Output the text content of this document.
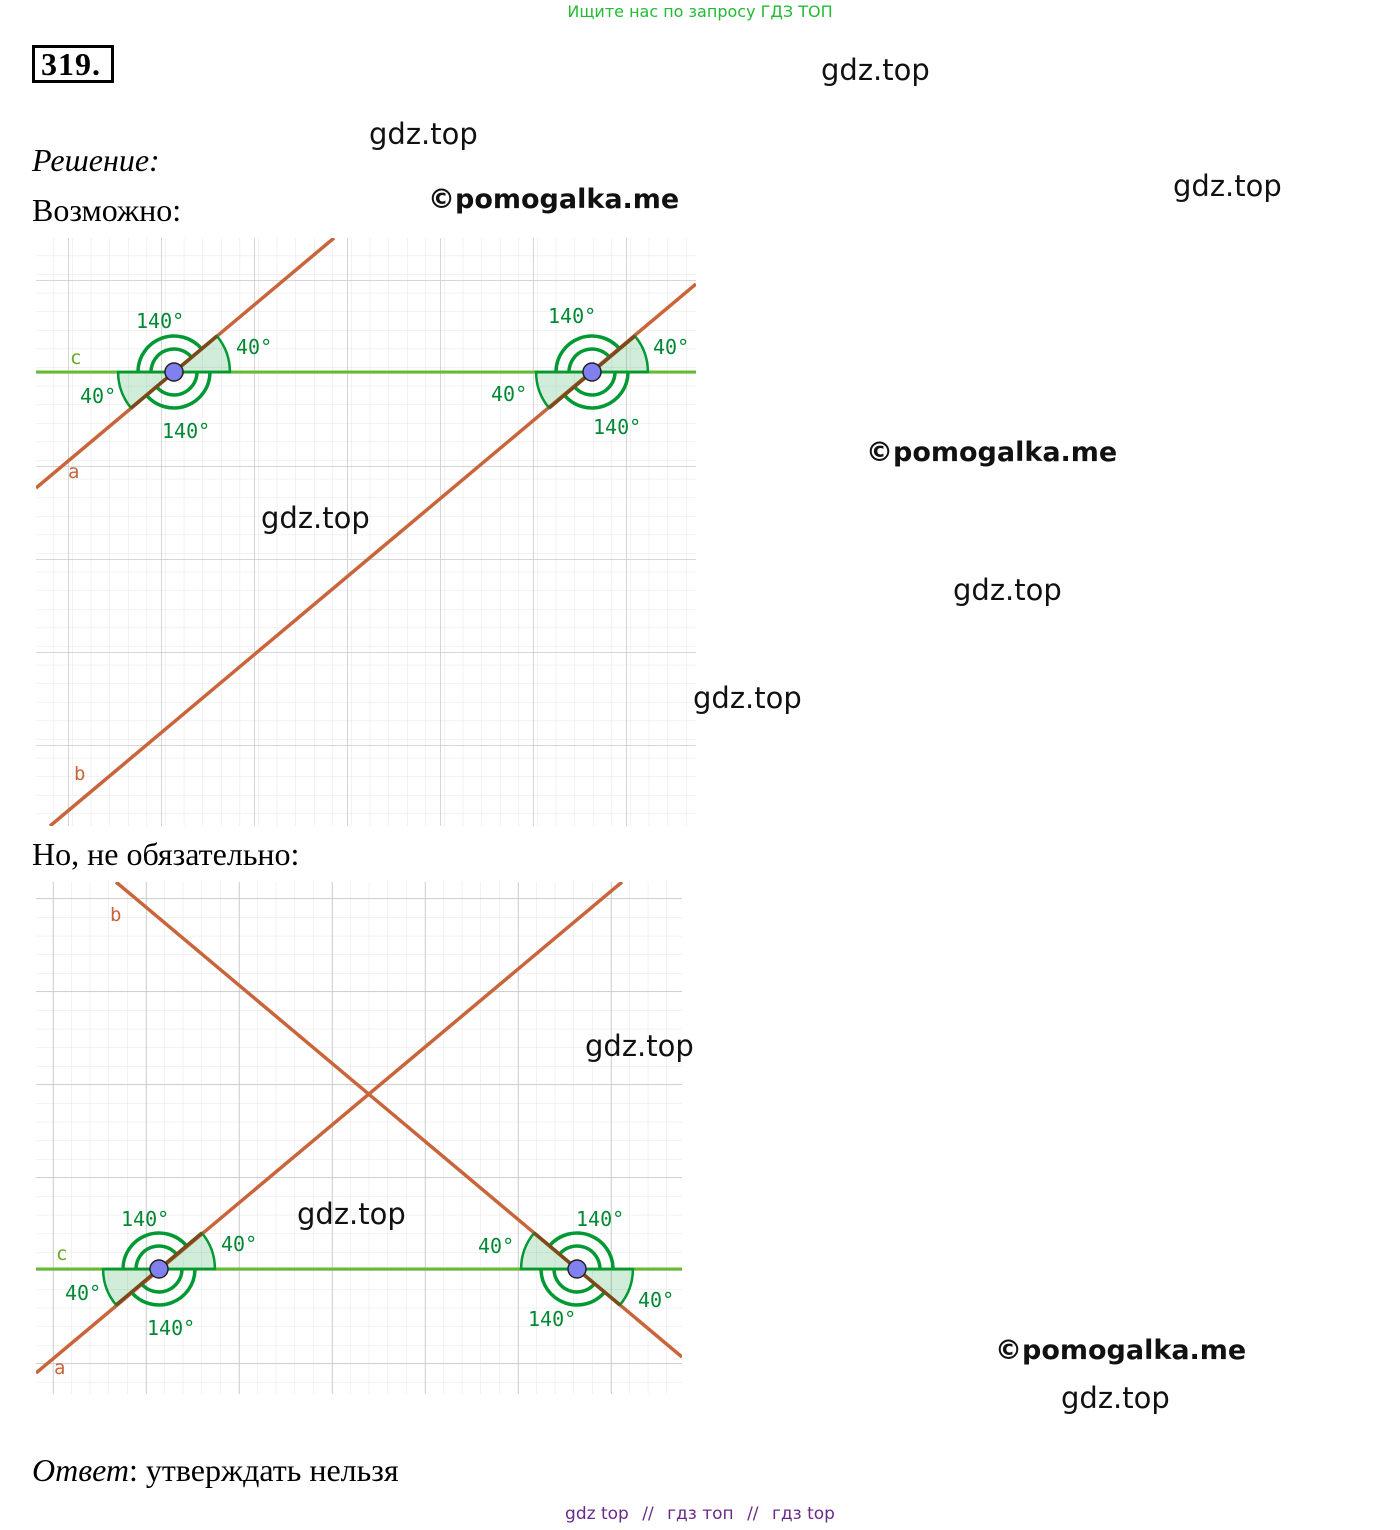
Ищите нас по запросу ГДЗ ТОП
319.
Решение:
Возможно:
c
a
b
140°
40°
40°
140°
140°
40°
40°
140°
Но, не обязательно:
b
c
a
140°
40°
40°
140°
140°
40°
40°
140°
Ответ: утверждать нельзя
gdz.top
gdz.top
gdz.top
©pomogalka.me
©pomogalka.me
gdz.top
gdz.top
gdz.top
gdz.top
gdz.top
©pomogalka.me
gdz.top
gdz top // гдз топ // гдз top
